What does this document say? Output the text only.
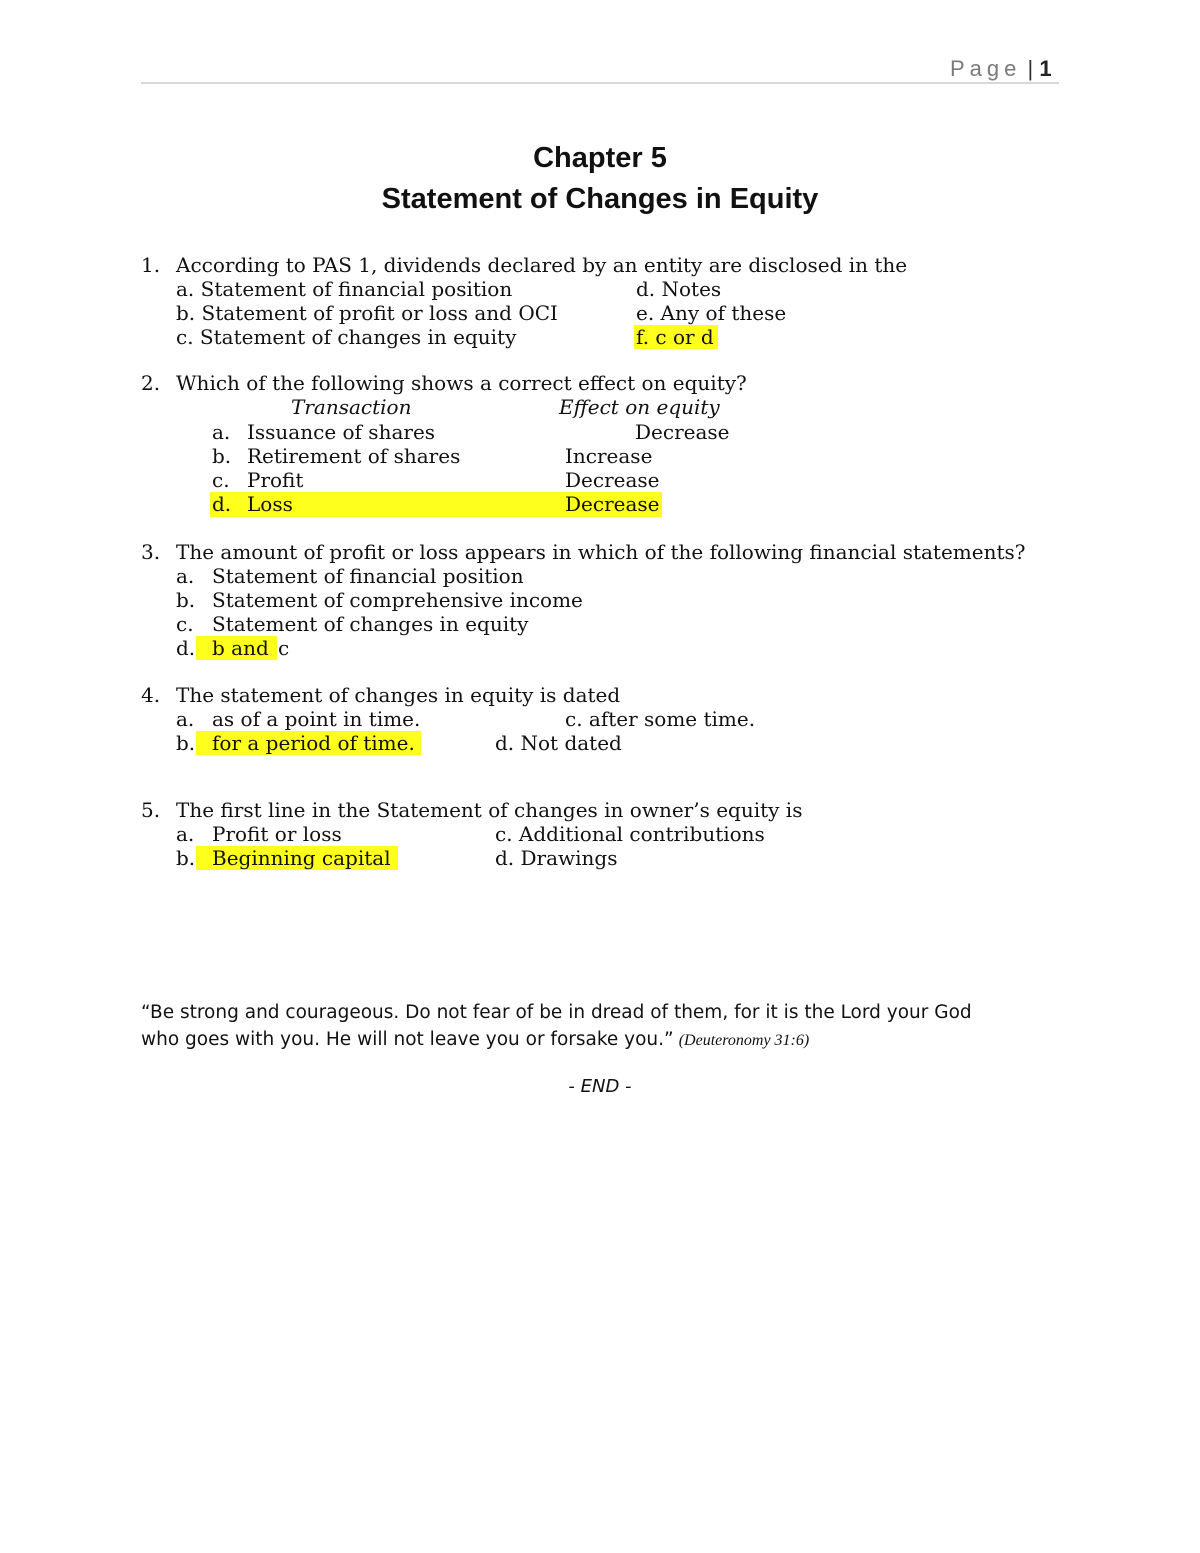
Page | 1
Chapter 5
Statement of Changes in Equity
1. According to PAS 1, dividends declared by an entity are disclosed in the
a. Statement of financial position	d. Notes
b. Statement of profit or loss and OCI	e. Any of these
c. Statement of changes in equity	f. c or d
2. Which of the following shows a correct effect on equity?
Transaction	Effect on equity
a. Issuance of shares	Decrease
b. Retirement of shares	Increase
c. Profit	Decrease
d. Loss	Decrease
3. The amount of profit or loss appears in which of the following financial statements?
a. Statement of financial position
b. Statement of comprehensive income
c. Statement of changes in equity
d. b and c
4. The statement of changes in equity is dated
a. as of a point in time.	c. after some time.
b. for a period of time.	d. Not dated
5. The first line in the Statement of changes in owner’s equity is
a. Profit or loss	c. Additional contributions
b. Beginning capital	d. Drawings
“Be strong and courageous. Do not fear of be in dread of them, for it is the Lord your God
who goes with you. He will not leave you or forsake you.” (Deuteronomy 31:6)
- END -
